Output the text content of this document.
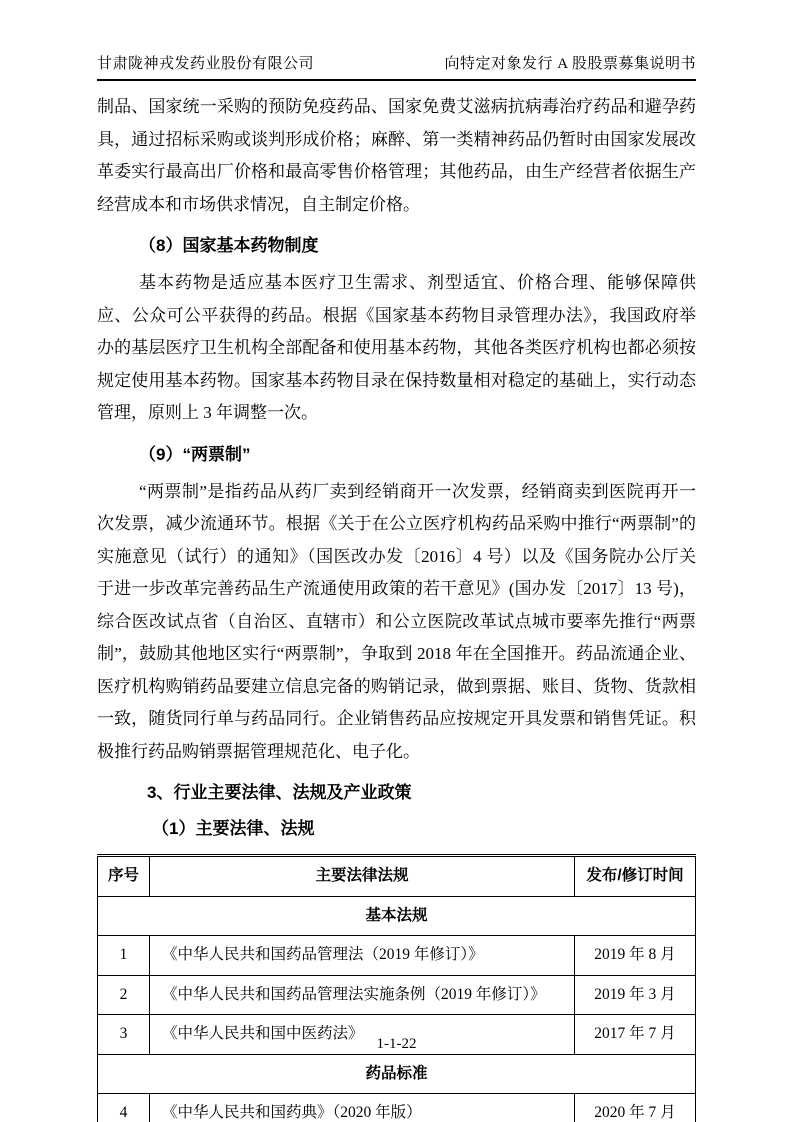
甘肃陇神戎发药业股份有限公司	向特定对象发行 A 股股票募集说明书

制品、国家统一采购的预防免疫药品、国家免费艾滋病抗病毒治疗药品和避孕药具，通过招标采购或谈判形成价格；麻醉、第一类精神药品仍暂时由国家发展改革委实行最高出厂价格和最高零售价格管理；其他药品，由生产经营者依据生产经营成本和市场供求情况，自主制定价格。

（8）国家基本药物制度

基本药物是适应基本医疗卫生需求、剂型适宜、价格合理、能够保障供应、公众可公平获得的药品。根据《国家基本药物目录管理办法》，我国政府举办的基层医疗卫生机构全部配备和使用基本药物，其他各类医疗机构也都必须按规定使用基本药物。国家基本药物目录在保持数量相对稳定的基础上，实行动态管理，原则上 3 年调整一次。

（9）“两票制”

“两票制”是指药品从药厂卖到经销商开一次发票，经销商卖到医院再开一次发票，减少流通环节。根据《关于在公立医疗机构药品采购中推行“两票制”的实施意见（试行）的通知》（国医改办发〔2016〕4 号）以及《国务院办公厅关于进一步改革完善药品生产流通使用政策的若干意见》(国办发〔2017〕13 号)，综合医改试点省（自治区、直辖市）和公立医院改革试点城市要率先推行“两票制”，鼓励其他地区实行“两票制”，争取到 2018 年在全国推开。药品流通企业、医疗机构购销药品要建立信息完备的购销记录，做到票据、账目、货物、货款相一致，随货同行单与药品同行。企业销售药品应按规定开具发票和销售凭证。积极推行药品购销票据管理规范化、电子化。

3、行业主要法律、法规及产业政策
（1）主要法律、法规
序号	主要法律法规	发布/修订时间
基本法规		
1	《中华人民共和国药品管理法（2019 年修订）》	2019 年 8 月
2	《中华人民共和国药品管理法实施条例（2019 年修订）》	2019 年 3 月
3	《中华人民共和国中医药法》	2017 年 7 月
药品标准		
4	《中华人民共和国药典》（2020 年版）	2020 年 7 月
1-1-22
